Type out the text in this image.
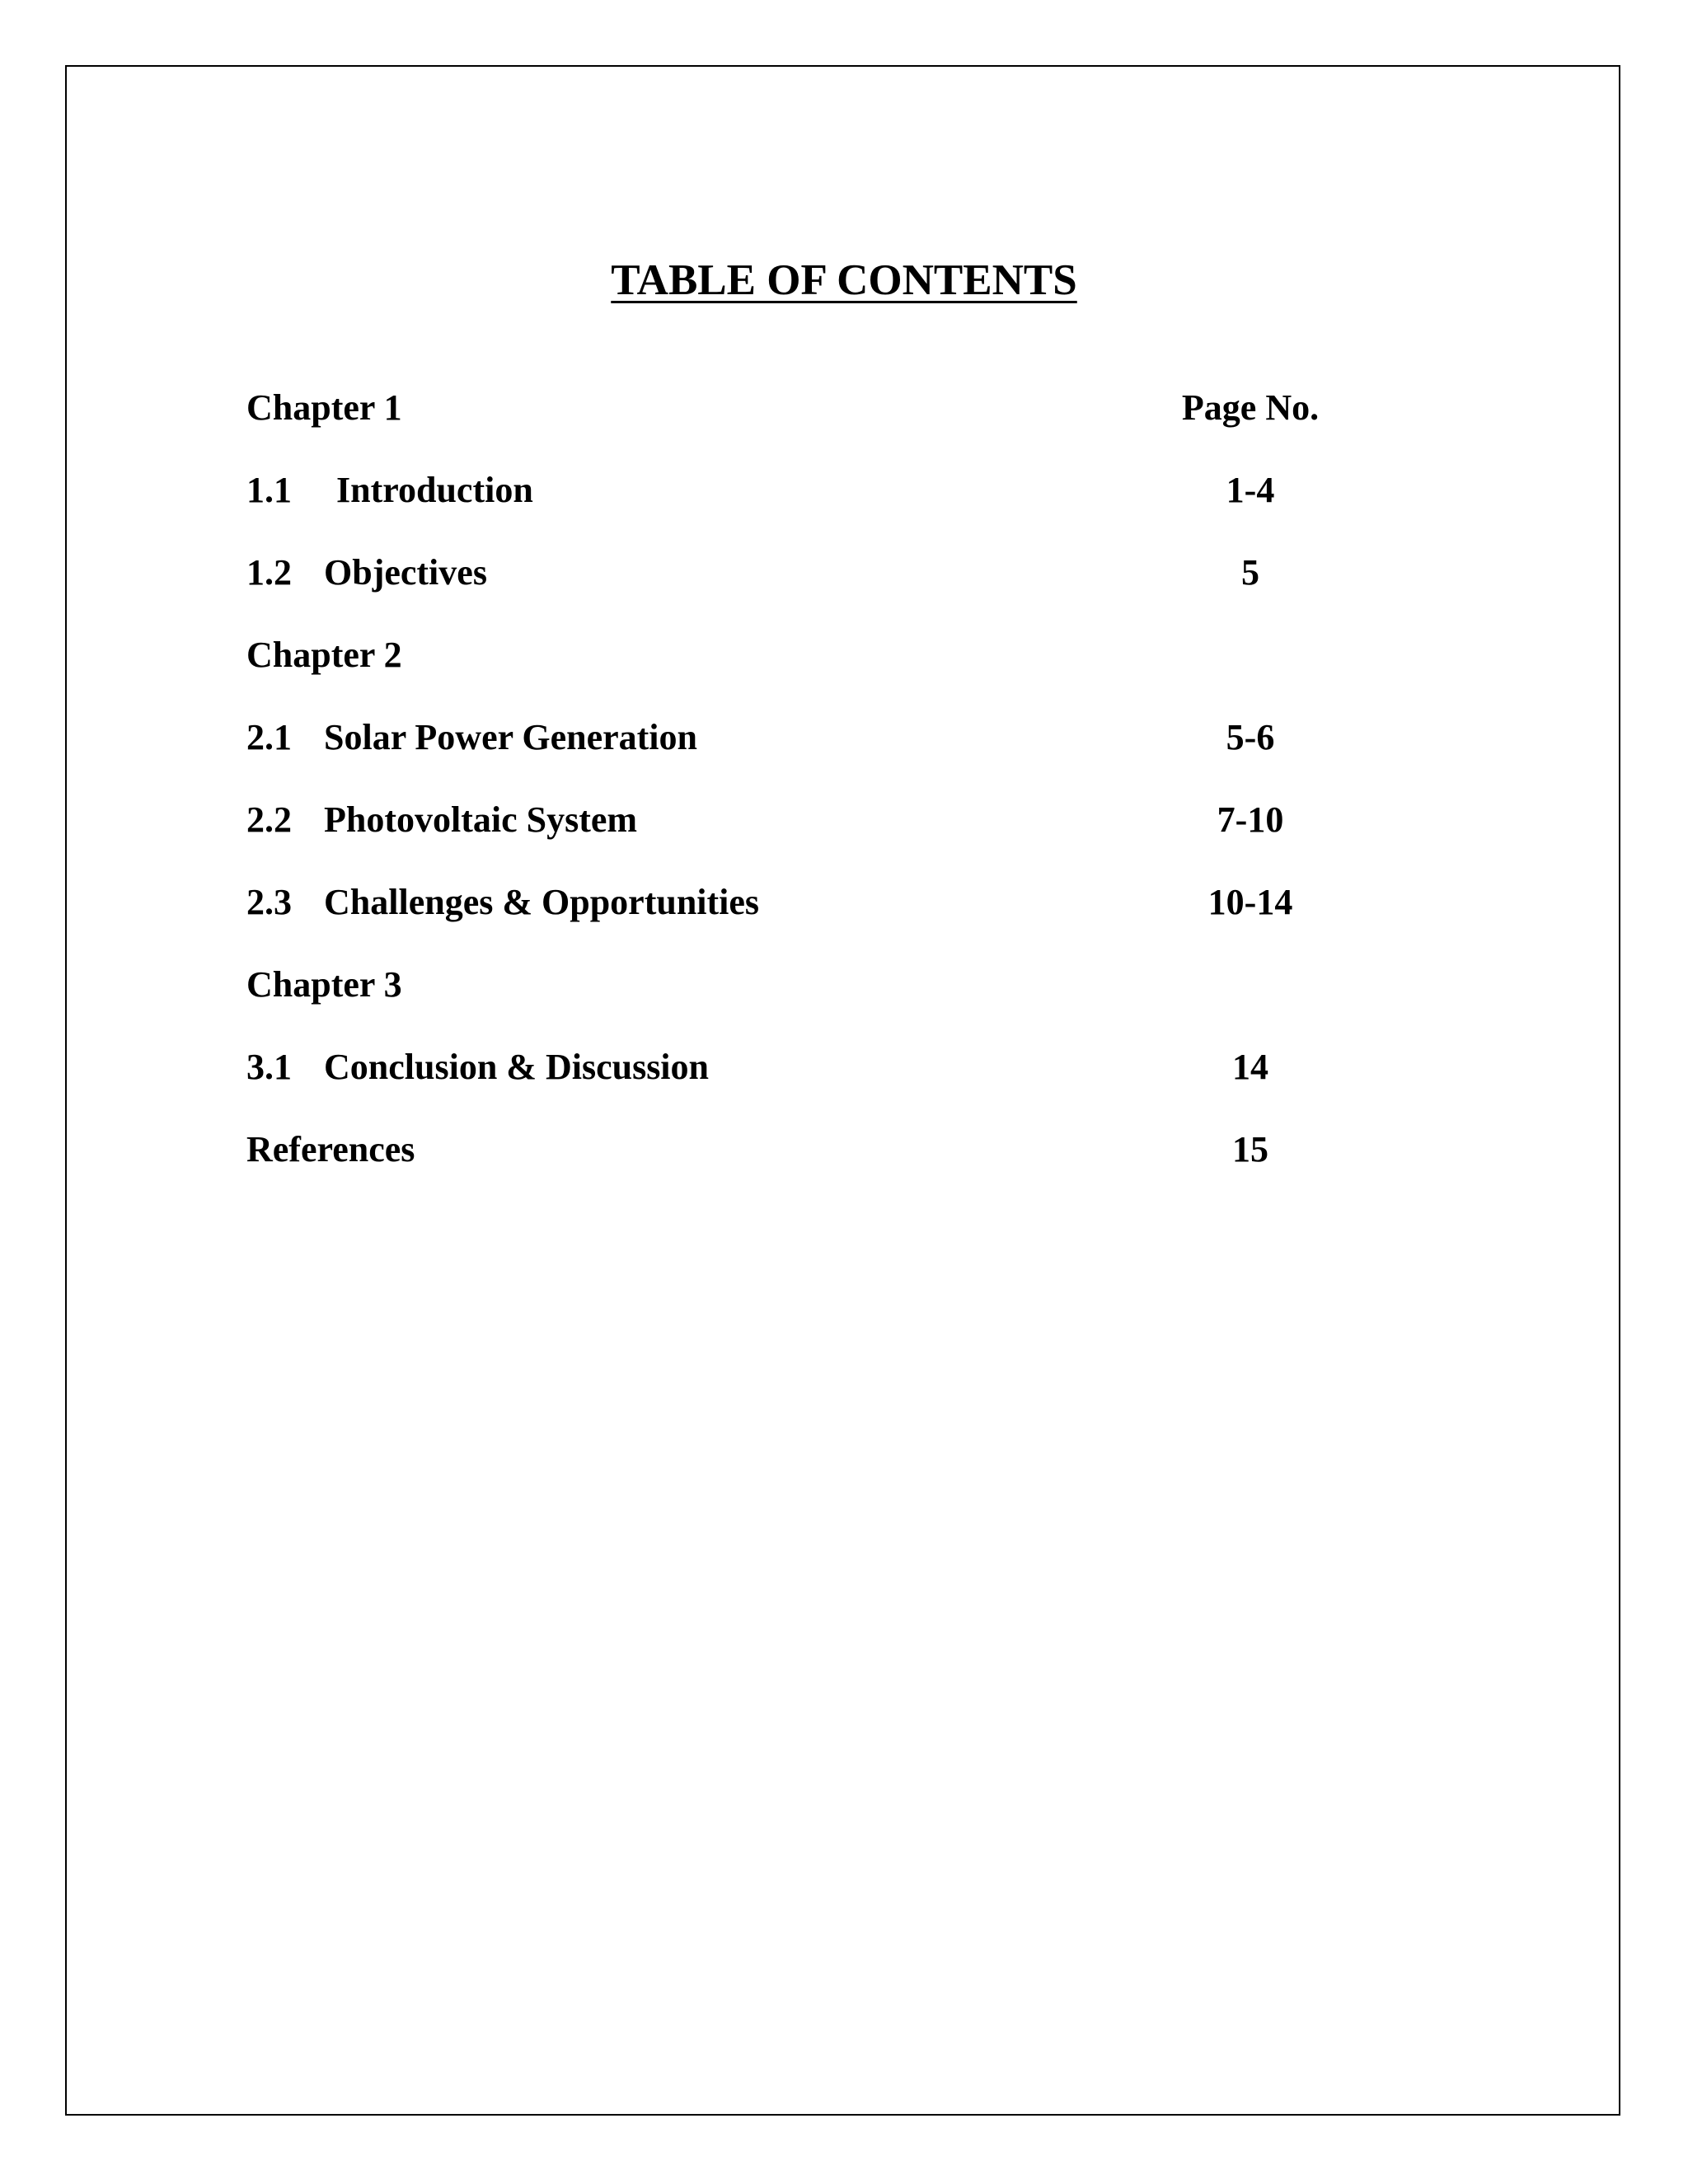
TABLE OF CONTENTS
Chapter 1	Page No.
1.1 Introduction	1-4
1.2 Objectives	5
Chapter 2
2.1 Solar Power Generation	5-6
2.2 Photovoltaic System	7-10
2.3 Challenges & Opportunities	10-14
Chapter 3
3.1 Conclusion & Discussion	14
References	15
